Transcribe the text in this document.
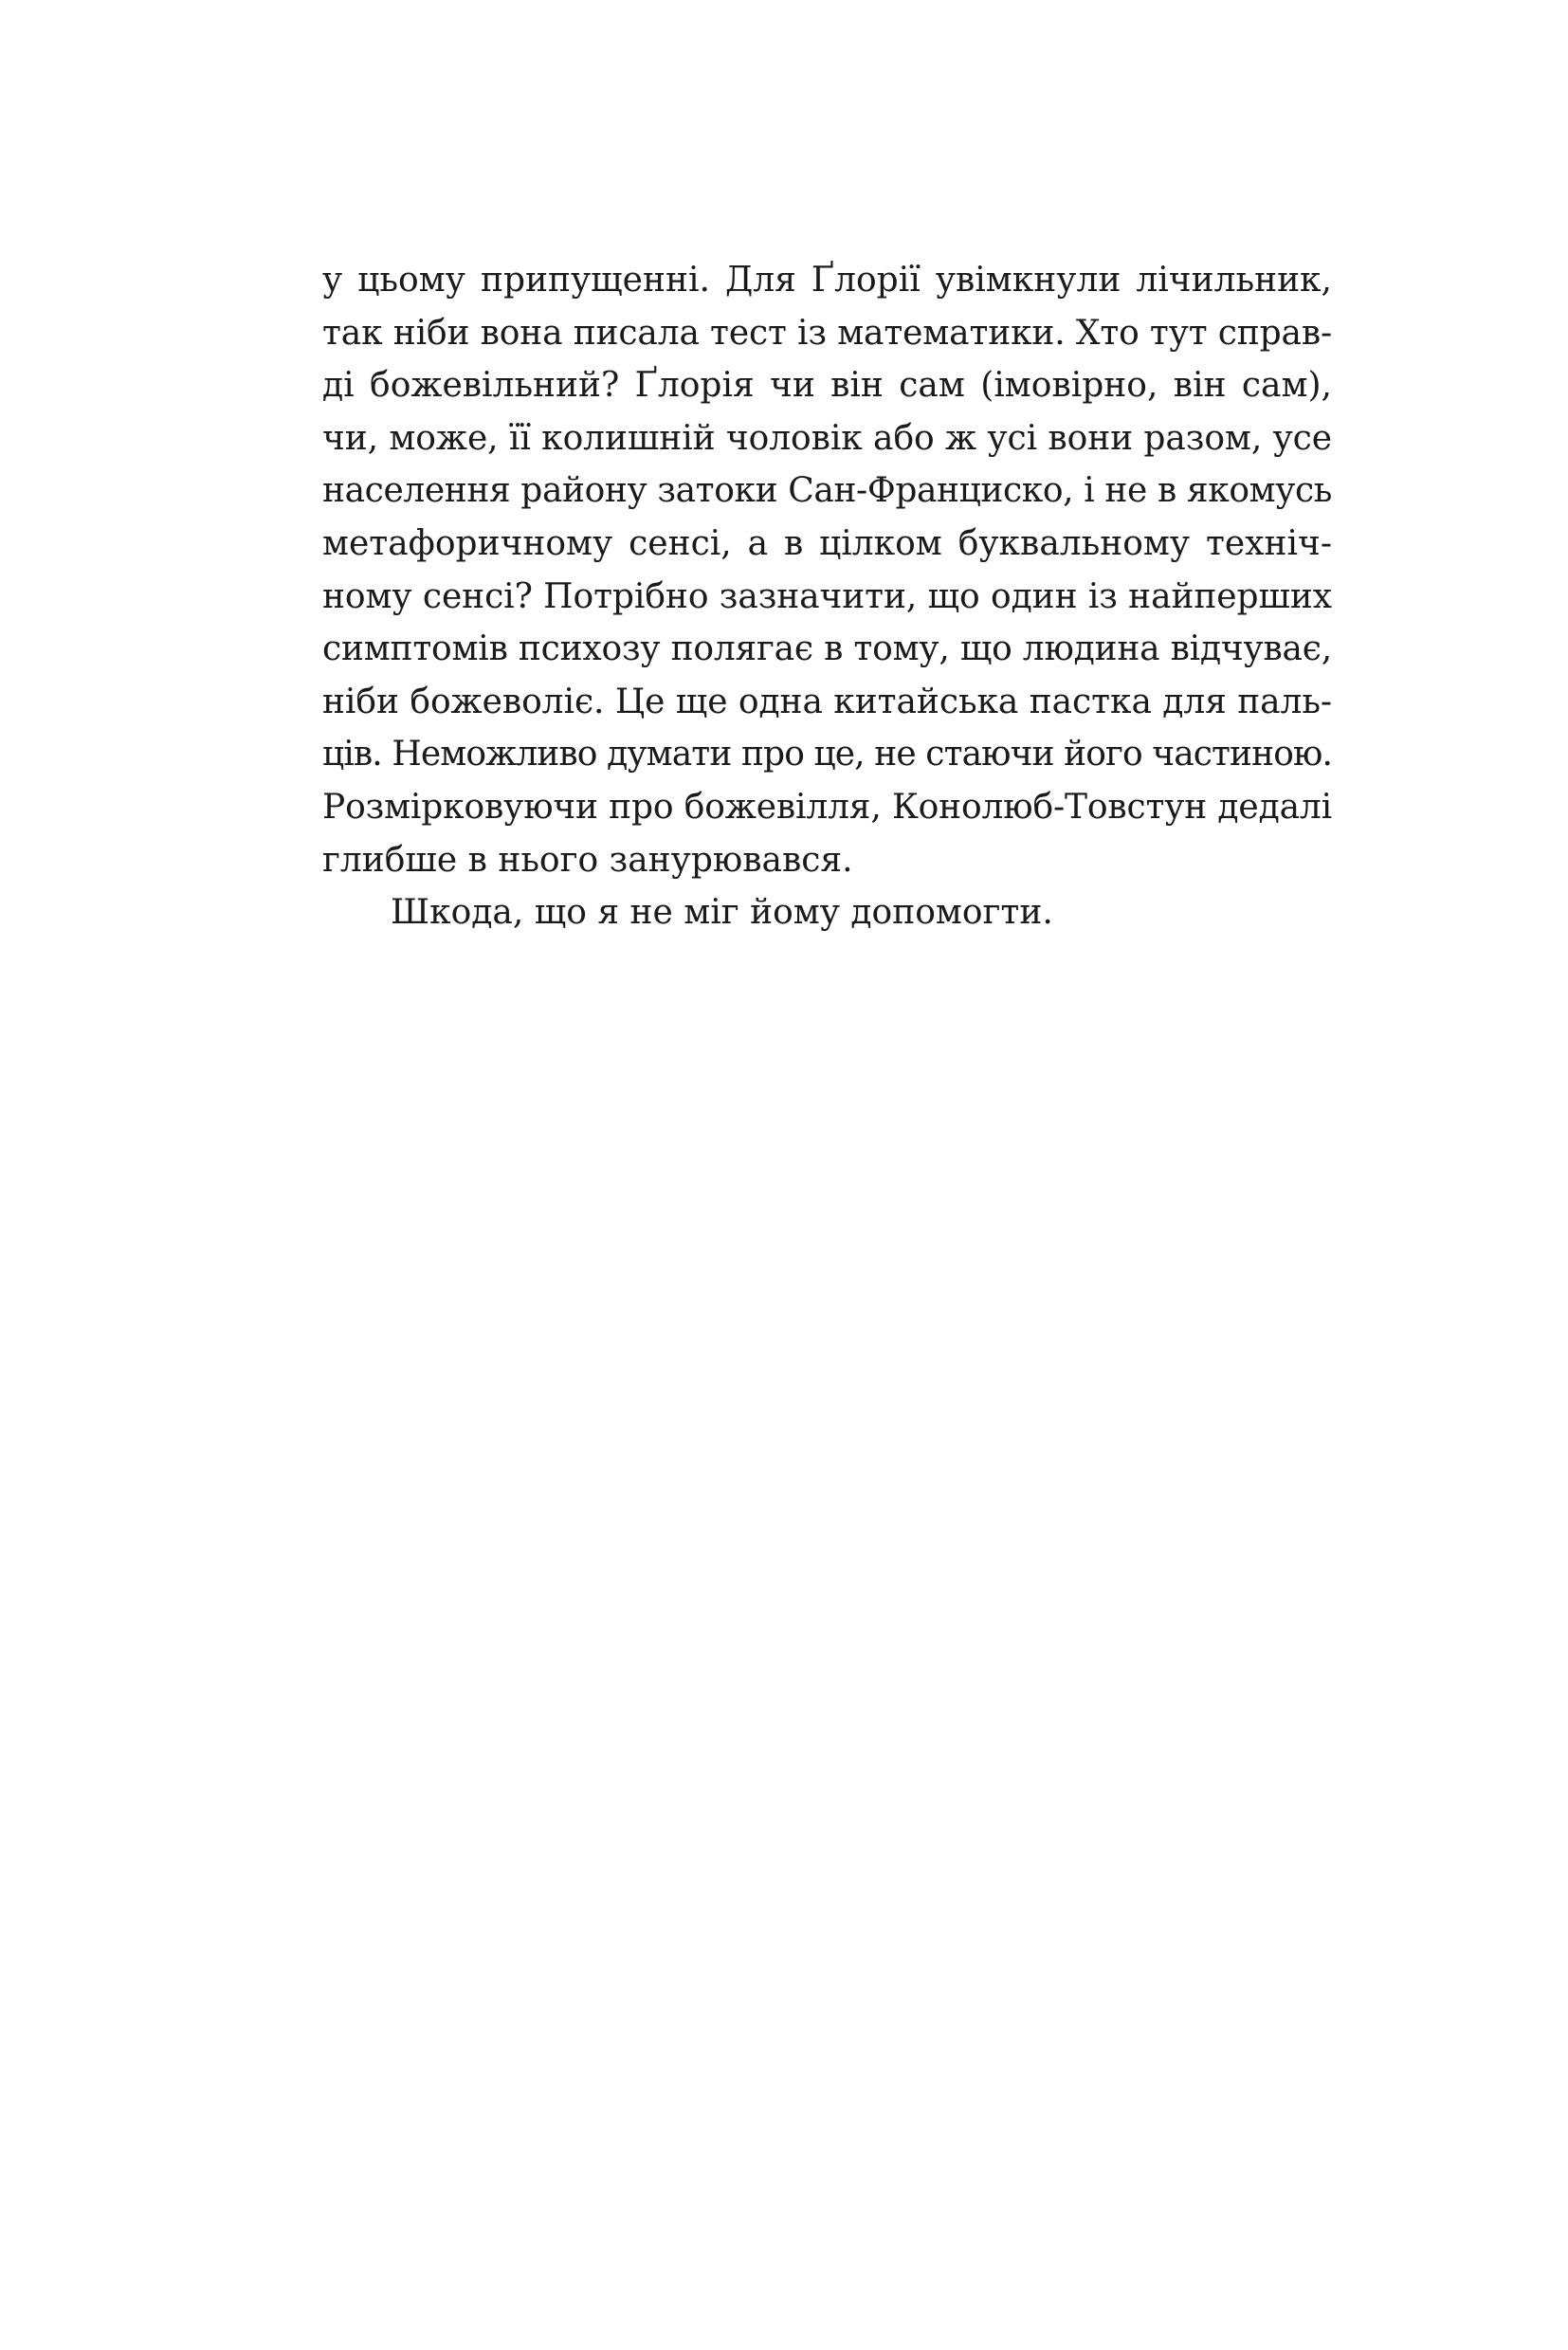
у цьому припущенні. Для Ґлорії увімкнули лічильник,
так ніби вона писала тест із математики. Хто тут справ-
ді божевільний? Ґлорія чи він сам (імовірно, він сам),
чи, може, її колишній чоловік або ж усі вони разом, усе
населення району затоки Сан-Франциско, і не в якомусь
метафоричному сенсі, а в цілком буквальному техніч-
ному сенсі? Потрібно зазначити, що один із найперших
симптомів психозу полягає в тому, що людина відчуває,
ніби божеволіє. Це ще одна китайська пастка для паль-
ців. Неможливо думати про це, не стаючи його частиною.
Розмірковуючи про божевілля, Конолюб-Товстун дедалі
глибше в нього занурювався.
Шкода, що я не міг йому допомогти.
